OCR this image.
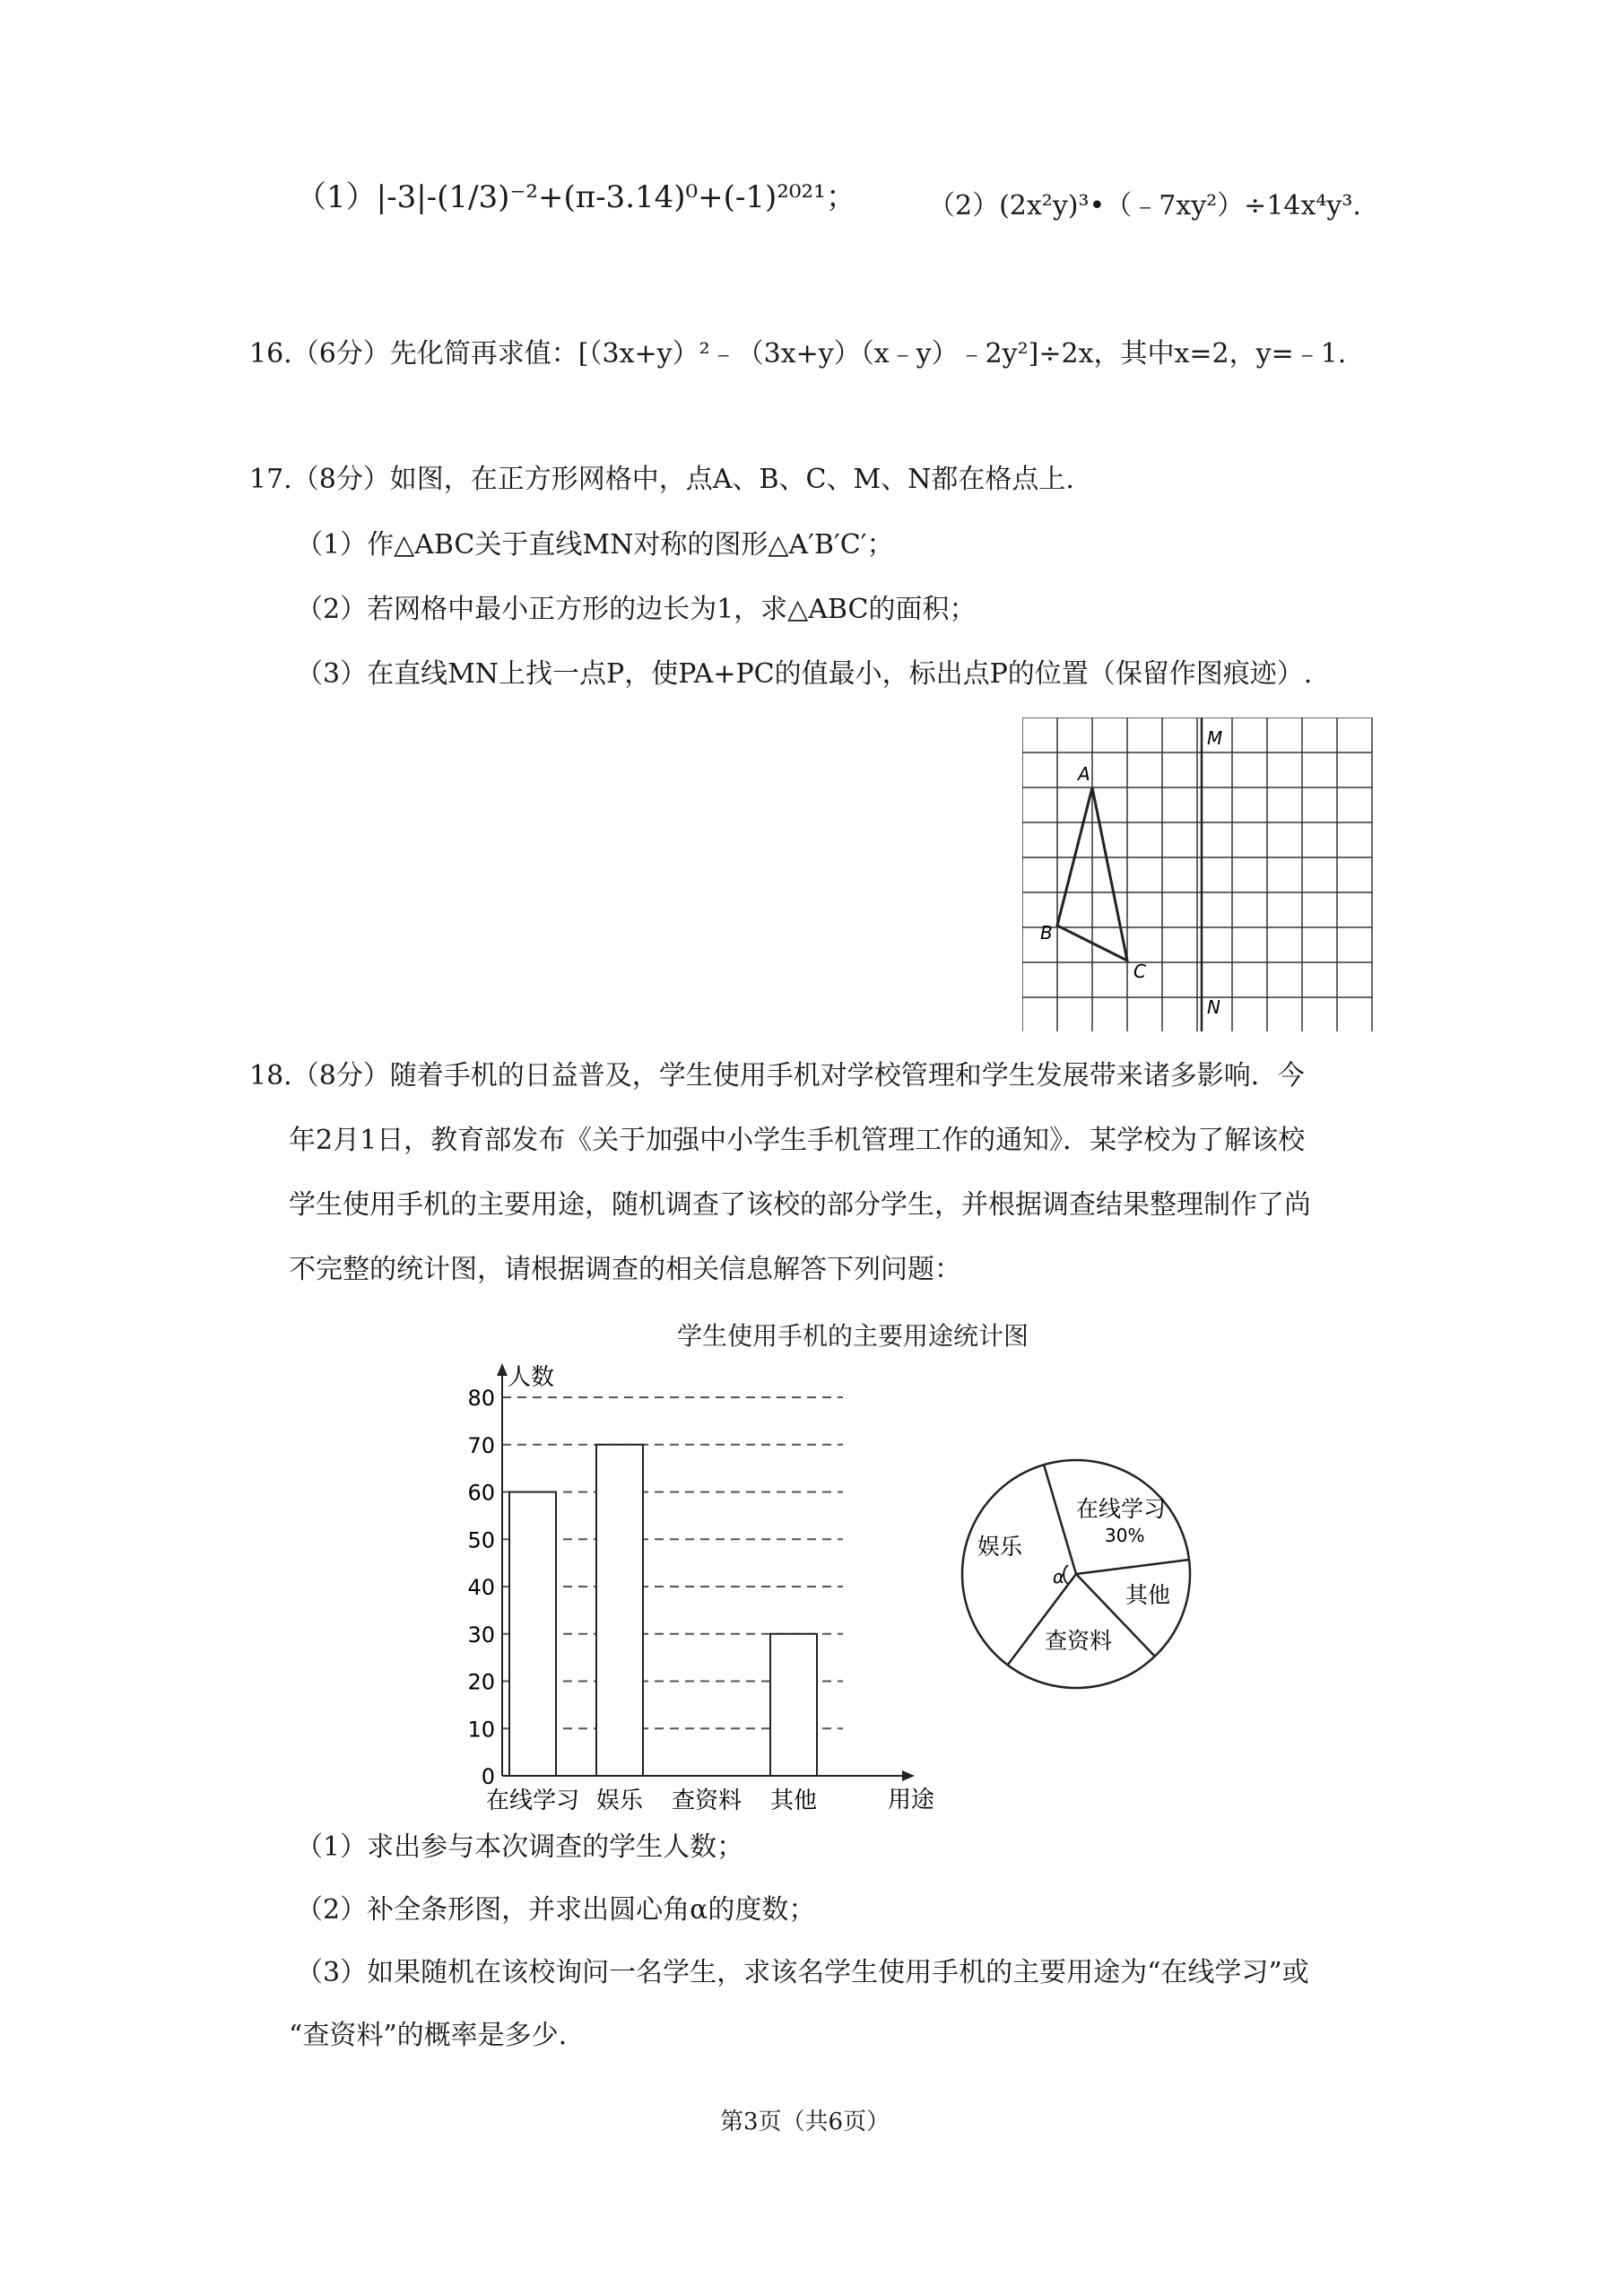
（1）|-3|-(1/3)⁻²+(π-3.14)⁰+(-1)²⁰²¹；	（2）(2x²y)³•（﹣7xy²）÷14x⁴y³.
16.（6分）先化简再求值：[（3x+y）²﹣（3x+y）（x﹣y）﹣2y²]÷2x，其中x=2，y=﹣1.
17.（8分）如图，在正方形网格中，点A、B、C、M、N都在格点上.
（1）作△ABC关于直线MN对称的图形△A′B′C′；
（2）若网格中最小正方形的边长为1，求△ABC的面积；
（3）在直线MN上找一点P，使PA+PC的值最小，标出点P的位置（保留作图痕迹）.
A
B
C
M
N
18.（8分）随着手机的日益普及，学生使用手机对学校管理和学生发展带来诸多影响．今
年2月1日，教育部发布《关于加强中小学生手机管理工作的通知》．某学校为了解该校
学生使用手机的主要用途，随机调查了该校的部分学生，并根据调查结果整理制作了尚
不完整的统计图，请根据调查的相关信息解答下列问题：
学生使用手机的主要用途统计图
0
10
20
30
40
50
60
70
80
在线学习 娱乐 查资料 其他
人数
用途
在线学习
30%
其他
查资料
娱乐
α
（1）求出参与本次调查的学生人数；
（2）补全条形图，并求出圆心角α的度数；
（3）如果随机在该校询问一名学生，求该名学生使用手机的主要用途为“在线学习”或
“查资料”的概率是多少.
第3页（共6页）
